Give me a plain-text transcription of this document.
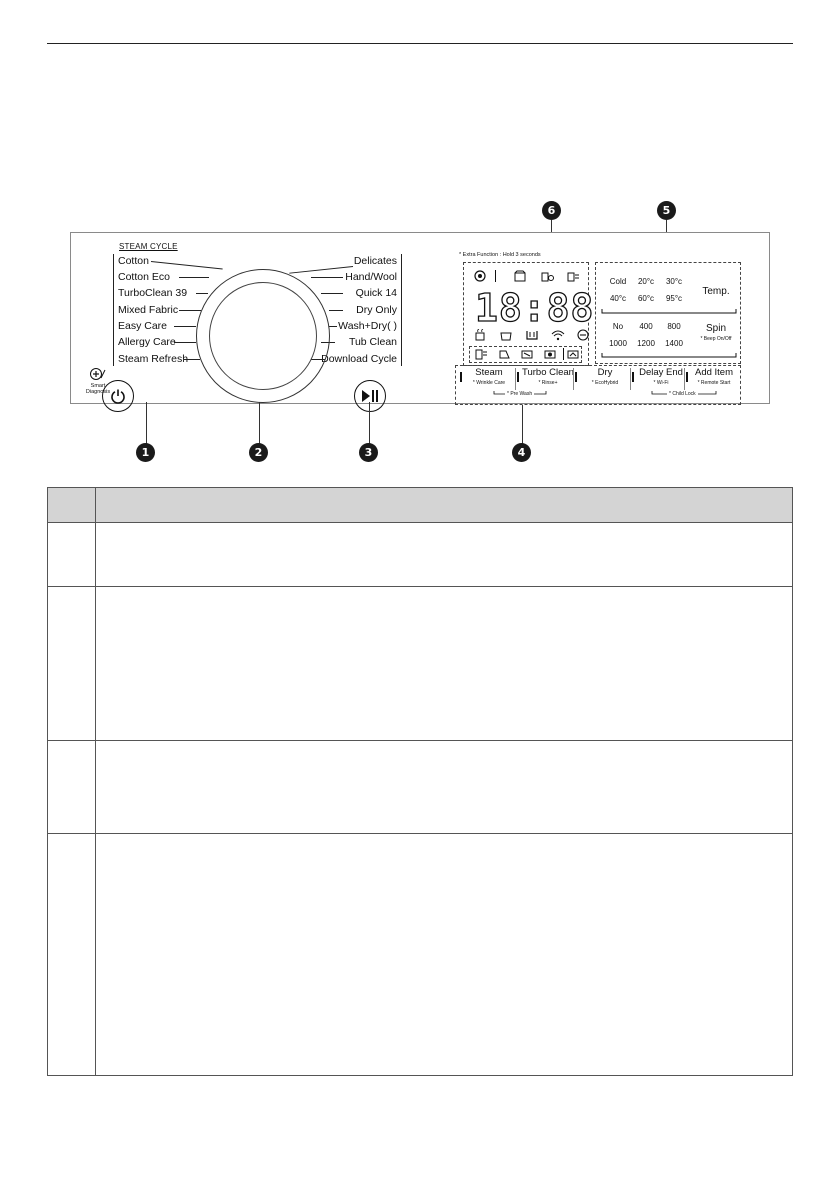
6	5
STEAM CYCLE
Cotton
Cotton Eco
TurboClean 39
Mixed Fabric
Easy Care
Allergy Care
Steam Refresh
Delicates
Hand/Wool
Quick 14
Dry Only
Wash+Dry( )
Tub Clean
Download Cycle
Smart Diagnosis
* Extra Function : Hold 3 seconds
18:88
Cold	20°c	30°c
40°c	60°c	95°c
Temp.
No	400	800
1000	1200	1400
Spin
* Beep On/Off
Steam
* Wrinkle Care
Turbo Clean
* Rinse+
Dry
* EcoHybrid
Delay End
* Wi-Fi
Add Item
* Remote Start
* Pre Wash	* Child Lock
1	2	3	4
